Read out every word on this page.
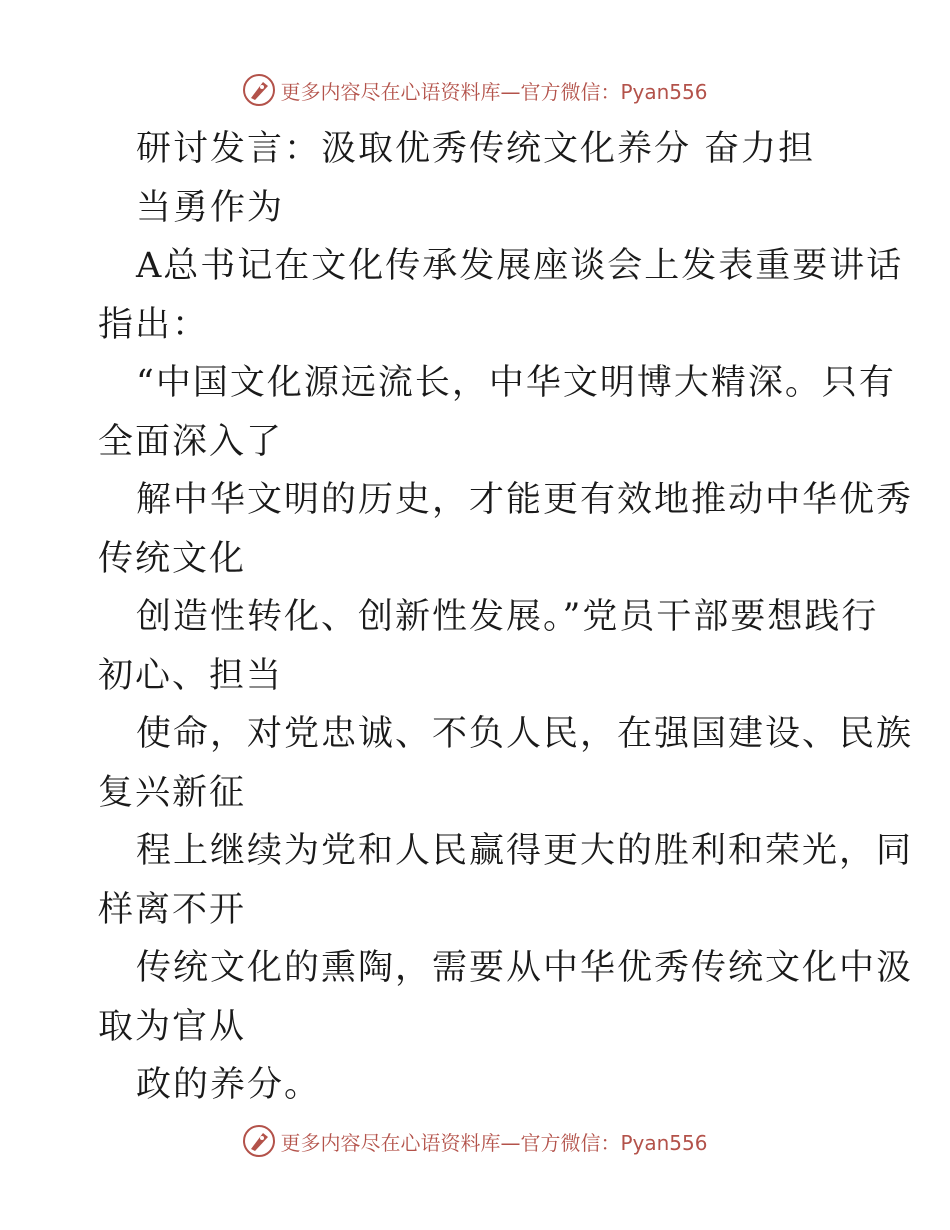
更多内容尽在心语资料库—官方微信：Pyan556
研讨发言：汲取优秀传统文化养分 奋力担
当勇作为
A总书记在文化传承发展座谈会上发表重要讲话
指出：
“中国文化源远流长，中华文明博大精深。只有
全面深入了
解中华文明的历史，才能更有效地推动中华优秀
传统文化
创造性转化、创新性发展。”党员干部要想践行
初心、担当
使命，对党忠诚、不负人民，在强国建设、民族
复兴新征
程上继续为党和人民赢得更大的胜利和荣光，同
样离不开
传统文化的熏陶，需要从中华优秀传统文化中汲
取为官从
政的养分。
更多内容尽在心语资料库—官方微信：Pyan556
